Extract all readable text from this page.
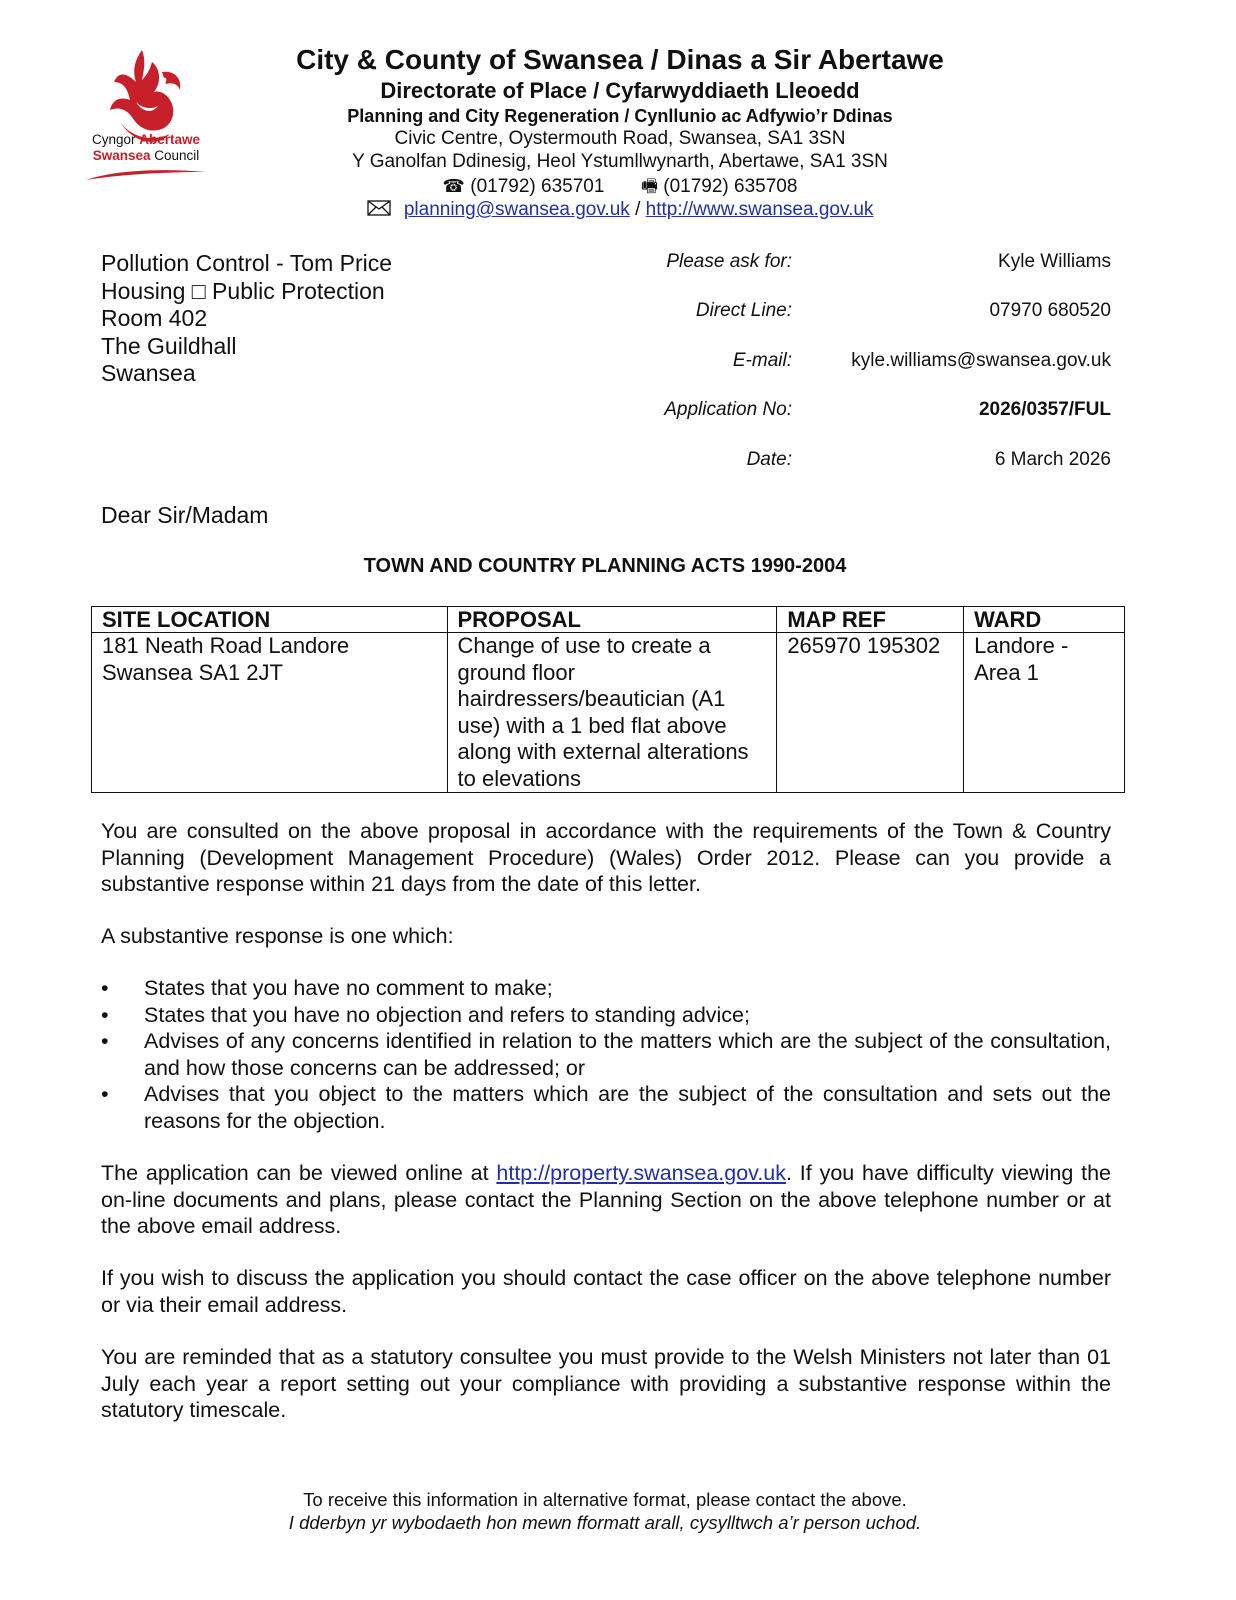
Cyngor Abertawe
Swansea Council
City & County of Swansea / Dinas a Sir Abertawe
Directorate of Place / Cyfarwyddiaeth Lleoedd
Planning and City Regeneration / Cynllunio ac Adfywio’r Ddinas
Civic Centre, Oystermouth Road, Swansea, SA1 3SN
Y Ganolfan Ddinesig, Heol Ystumllwynarth, Abertawe, SA1 3SN
☎ (01792) 635701 🖷 (01792) 635708
planning@swansea.gov.uk / http://www.swansea.gov.uk
Pollution Control - Tom Price
Housing □ Public Protection
Room 402
The Guildhall
Swansea
Please ask for:	Kyle Williams
Direct Line:	07970 680520
E-mail:	kyle.williams@swansea.gov.uk
Application No:	2026/0357/FUL
Date:	6 March 2026
Dear Sir/Madam
TOWN AND COUNTRY PLANNING ACTS 1990-2004
SITE LOCATION	PROPOSAL	MAP REF	WARD
181 Neath Road Landore Swansea SA1 2JT	Change of use to create a ground floor hairdressers/beautician (A1 use) with a 1 bed flat above along with external alterations to elevations	265970 195302	Landore - Area 1
You are consulted on the above proposal in accordance with the requirements of the Town & Country Planning (Development Management Procedure) (Wales) Order 2012. Please can you provide a substantive response within 21 days from the date of this letter.
A substantive response is one which:
• States that you have no comment to make;
• States that you have no objection and refers to standing advice;
• Advises of any concerns identified in relation to the matters which are the subject of the consultation, and how those concerns can be addressed; or
• Advises that you object to the matters which are the subject of the consultation and sets out the reasons for the objection.
The application can be viewed online at http://property.swansea.gov.uk. If you have difficulty viewing the on-line documents and plans, please contact the Planning Section on the above telephone number or at the above email address.
If you wish to discuss the application you should contact the case officer on the above telephone number or via their email address.
You are reminded that as a statutory consultee you must provide to the Welsh Ministers not later than 01 July each year a report setting out your compliance with providing a substantive response within the statutory timescale.
To receive this information in alternative format, please contact the above.
I dderbyn yr wybodaeth hon mewn fformatt arall, cysylltwch a’r person uchod.
